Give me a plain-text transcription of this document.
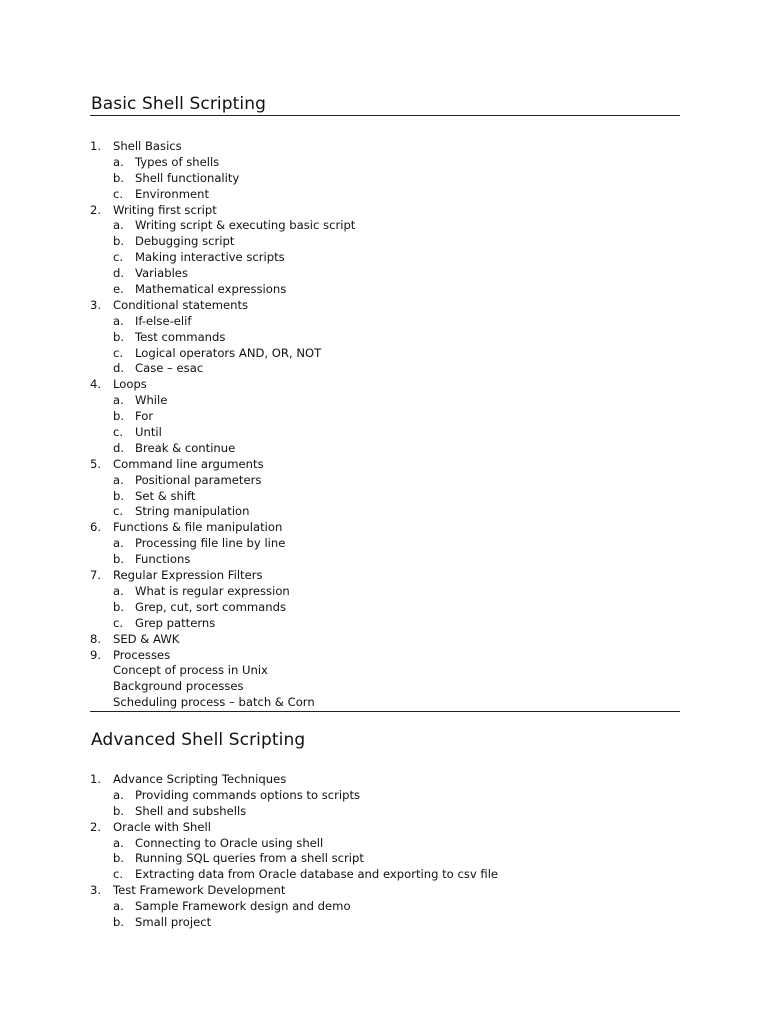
Basic Shell Scripting
1.	Shell Basics
a. Types of shells
b. Shell functionality
c.	Environment
2.	Writing first script
a. Writing script & executing basic script
b. Debugging script
c.	Making interactive scripts
d. Variables
e. Mathematical expressions
3.	Conditional statements
a. If-else-elif
b. Test commands
c.	Logical operators AND, OR, NOT
d. Case – esac
4.	Loops
a. While
b. For
c.	Until
d. Break & continue
5.	Command line arguments
a. Positional parameters
b. Set & shift
c.	String manipulation
6.	Functions & file manipulation
a. Processing file line by line
b. Functions
7.	Regular Expression Filters
a. What is regular expression
b. Grep, cut, sort commands
c.	Grep patterns
8.	SED & AWK
9.	Processes
Concept of process in Unix
Background processes
Scheduling process – batch & Corn
Advanced Shell Scripting
1.	Advance Scripting Techniques
a. Providing commands options to scripts
b. Shell and subshells
2.	Oracle with Shell
a. Connecting to Oracle using shell
b. Running SQL queries from a shell script
c.	Extracting data from Oracle database and exporting to csv file
3.	Test Framework Development
a. Sample Framework design and demo
b. Small project
